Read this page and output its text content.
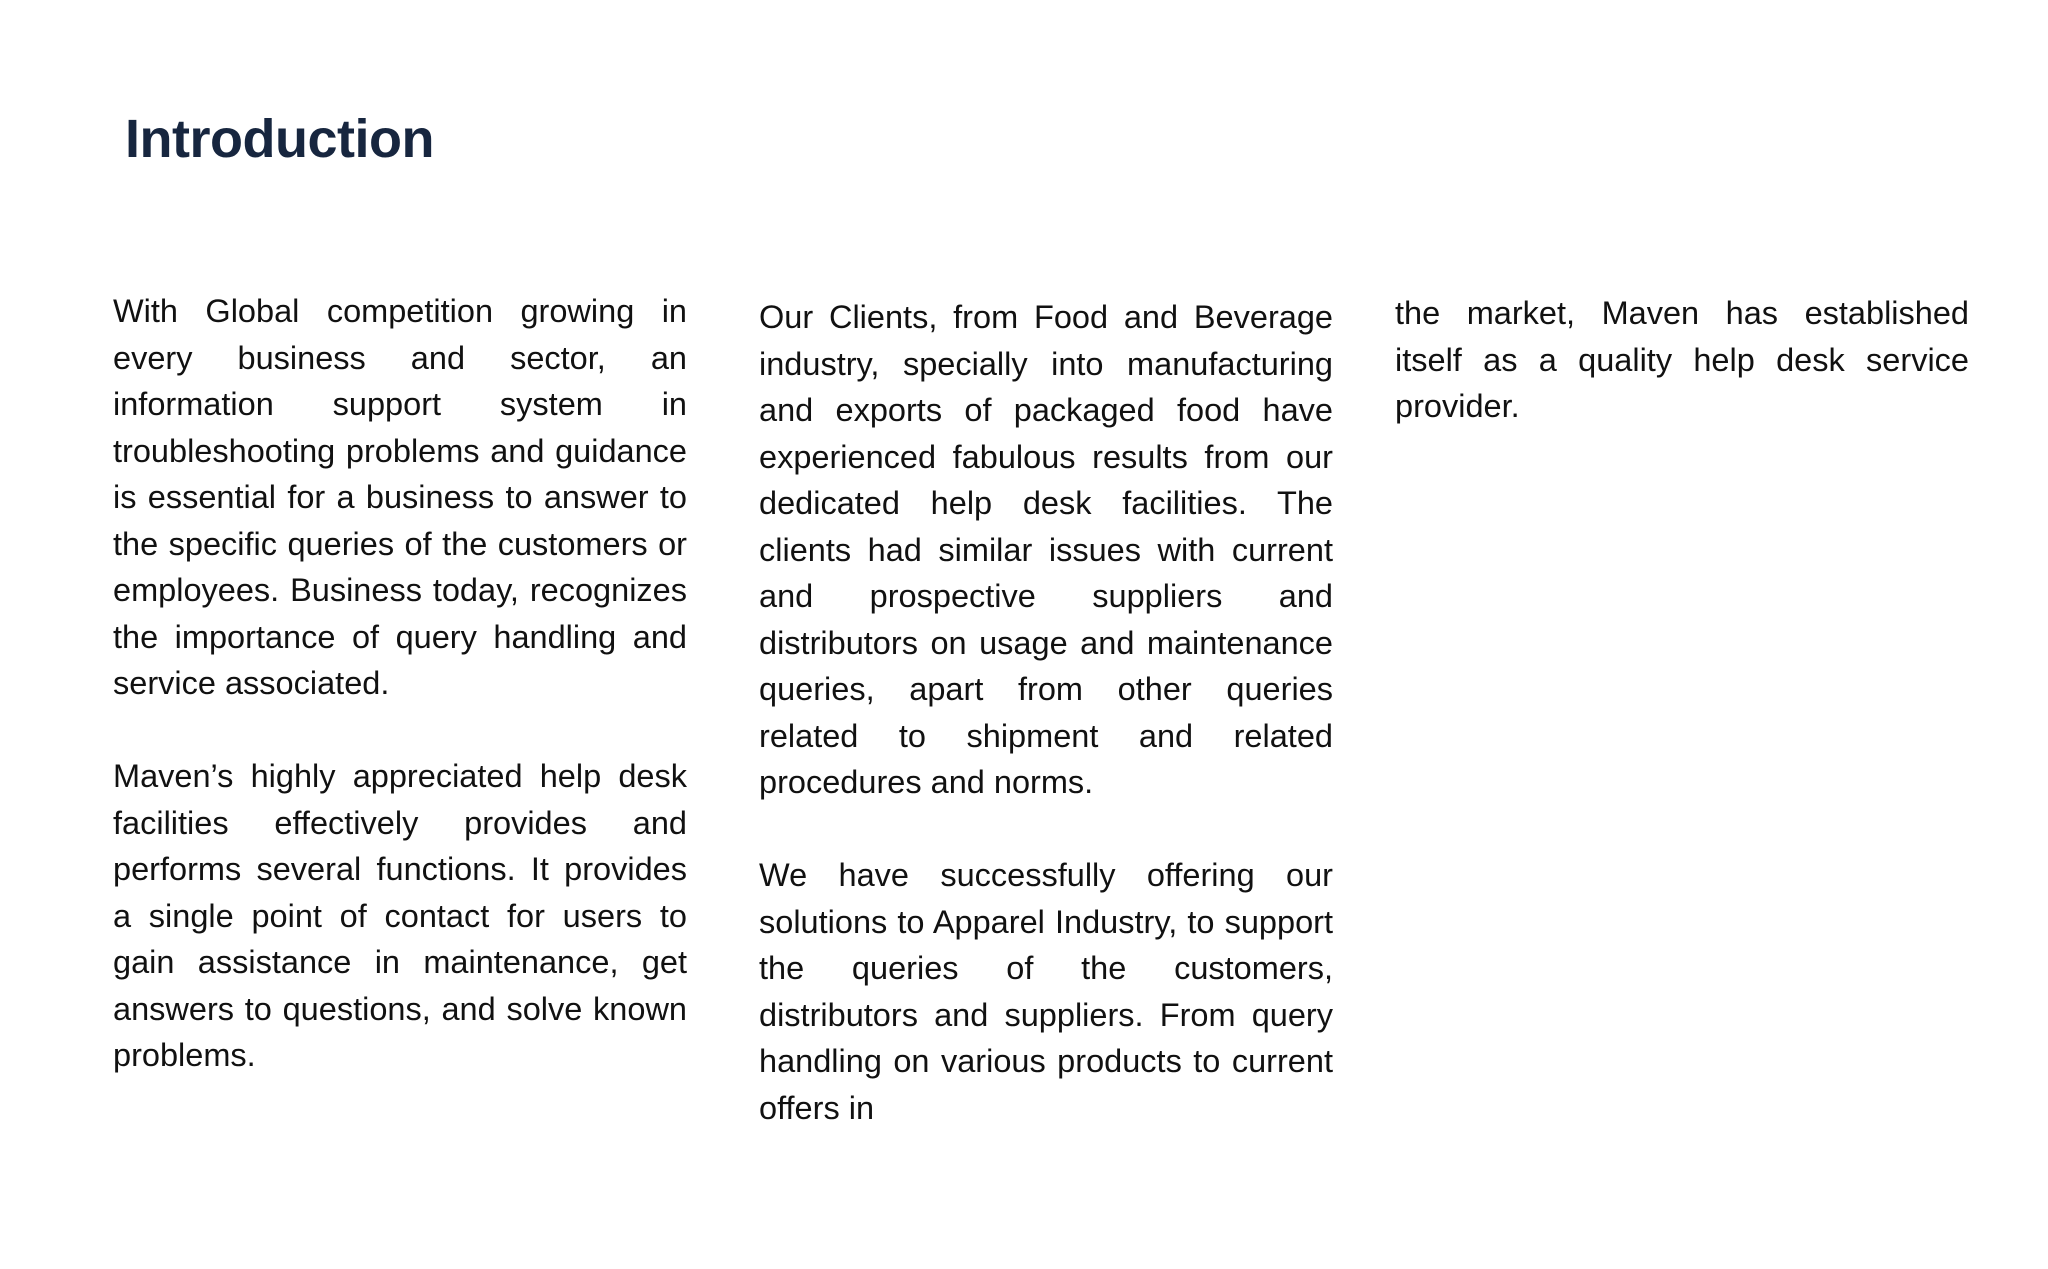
Introduction

With Global competition growing in every business and sector, an information support system in troubleshooting problems and guidance is essential for a business to answer to the specific queries of the customers or employees. Business today, recognizes the importance of query handling and service associated.

Maven’s highly appreciated help desk facilities effectively provides and performs several functions. It provides a single point of contact for users to gain assistance in maintenance, get answers to questions, and solve known problems.

Our Clients, from Food and Beverage industry, specially into manufacturing and exports of packaged food have experienced fabulous results from our dedicated help desk facilities. The clients had similar issues with current and prospective suppliers and distributors on usage and maintenance queries, apart from other queries related to shipment and related procedures and norms.

We have successfully offering our solutions to Apparel Industry, to support the queries of the customers, distributors and suppliers. From query handling on various products to current offers in

the market, Maven has established itself as a quality help desk service provider.
